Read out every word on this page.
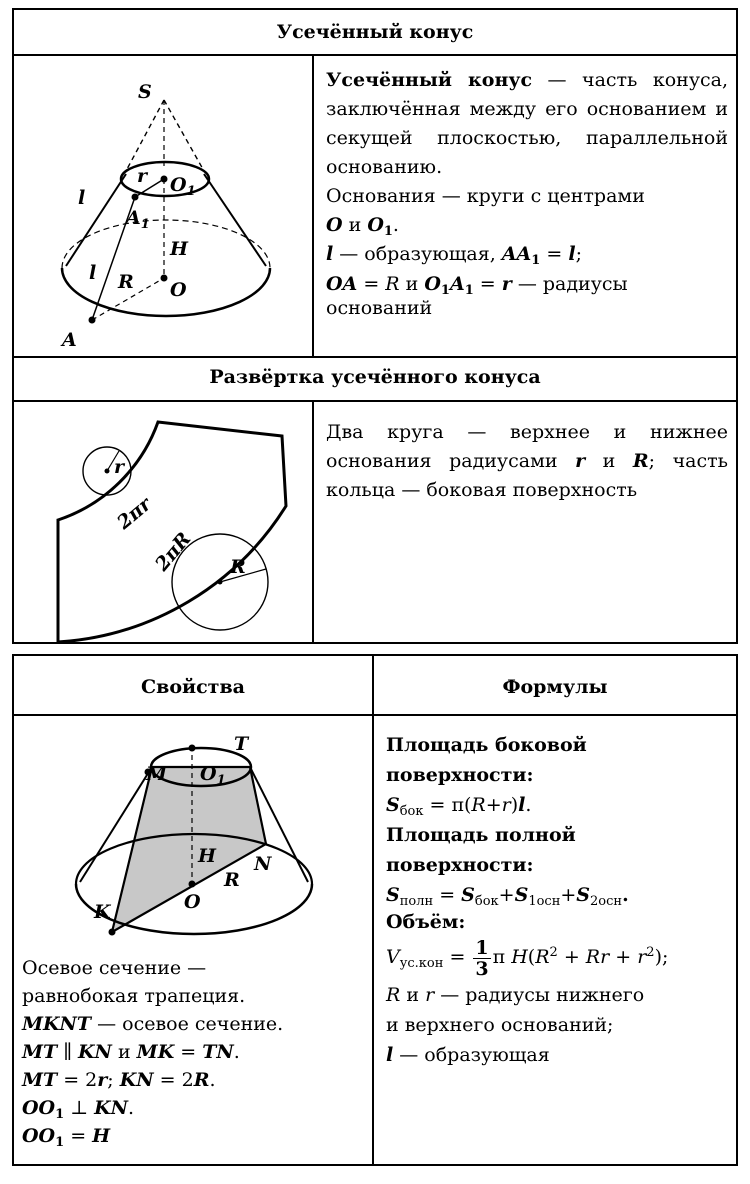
Усечённый конус
Развёртка усечённого конуса
S
r $O_1$
l
$A_1$
H
l R O
A

Усечённый конус — часть конуса, заключённая между его основанием и секущей плоскостью, параллельной основанию.

Основания — круги с центрами
O и $O_1$.

l — образующая, $AA_1 = l$;

OA = R и $O_1A_1 = r$ — радиусы оснований

r
2πr
2πR R
Два круга — верхнее и нижнее основания радиусами r и R; часть кольца — боковая поверхность
Свойства	Формулы
T
M $O_1$
H N
R
K	O

Осевое сечение —

равнобокая трапеция.

MKNT — осевое сечение.

MT ∥ KN и MK = TN.

MT = 2r; KN = 2R.

$OO_1$ ⊥ KN.

$OO_1 = H$

Площадь боковой поверхности:

$S_{бок} = \pi(R+r)l$.

Площадь полной поверхности:

$S_{полн} = S_{бок}+S_{1осн}+S_{2осн}$.

Объём:

$V_{ус.кон} = \frac{1}{3}$ π $H(R^2 + Rr + r^2)$;

R и r — радиусы нижнего

и верхнего оснований;

l — образующая
